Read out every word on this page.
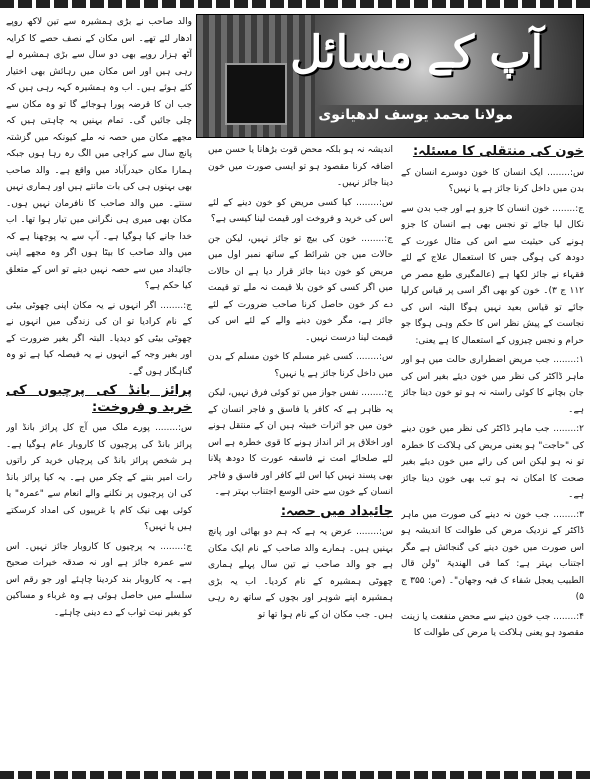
آپ کے مسائل
مولانا محمد یوسف لدھیانوی
خون کی منتقلی کا مسئلہ:

س:........ ایک انسان کا خون دوسرے انسان کے بدن میں داخل کرنا جائز ہے یا نہیں؟

ج:........ خون انسان کا جزو ہے اور جب بدن سے نکال لیا جائے تو نجس بھی ہے انسان کا جزو ہونے کی حیثیت سے اس کی مثال عورت کے دودھ کی ہوگی جس کا استعمال علاج کے لئے فقہاء نے جائز لکھا ہے (عالمگیری طبع مصر ص ۱۱۲ ج ۳)۔ خون کو بھی اگر اسی پر قیاس کرلیا جائے تو قیاس بعید نہیں ہوگا البتہ اس کی نجاست کے پیش نظر اس کا حکم وہی ہوگا جو حرام و نجس چیزوں کے استعمال کا ہے یعنی:

۱:........ جب مریض اضطراری حالت میں ہو اور ماہر ڈاکٹر کی نظر میں خون دیئے بغیر اس کی جان بچانے کا کوئی راستہ نہ ہو تو خون دینا جائز ہے۔

۲:........ جب ماہر ڈاکٹر کی نظر میں خون دینے کی "حاجت" ہو یعنی مریض کی ہلاکت کا خطرہ تو نہ ہو لیکن اس کی رائے میں خون دیئے بغیر صحت کا امکان نہ ہو تب بھی خون دینا جائز ہے۔

۳:........ جب خون نہ دینے کی صورت میں ماہر ڈاکٹر کے نزدیک مرض کی طوالت کا اندیشہ ہو اس صورت میں خون دینے کی گنجائش ہے مگر اجتناب بہتر ہے: کما فی الھندیۃ "ولن قال الطبیب یعجل شفاء ک فیہ وجھان"۔ (ص: ۳۵۵ ج ۵)

۴:........ جب خون دینے سے محض منفعت یا زینت مقصود ہو یعنی ہلاکت یا مرض کی طوالت کا

اندیشہ نہ ہو بلکہ محض قوت بڑھانا یا حسن میں اضافہ کرنا مقصود ہو تو ایسی صورت میں خون دینا جائز نہیں۔

س:........ کیا کسی مریض کو خون دینے کے لئے اس کی خرید و فروخت اور قیمت لینا کیسی ہے؟

ج:........ خون کی بیچ تو جائز نہیں، لیکن جن حالات میں جن شرائط کے ساتھ نمبر اول میں مریض کو خون دینا جائز قرار دیا ہے ان حالات میں اگر کسی کو خون بلا قیمت نہ ملے تو قیمت دے کر خون حاصل کرنا صاحب ضرورت کے لئے جائز ہے، مگر خون دینے والے کے لئے اس کی قیمت لینا درست نہیں۔

س:........ کسی غیر مسلم کا خون مسلم کے بدن میں داخل کرنا جائز ہے یا نہیں؟

ج:........ نفس جواز میں تو کوئی فرق نہیں، لیکن یہ ظاہر ہے کہ کافر یا فاسق و فاجر انسان کے خون میں جو اثرات خبیثہ ہیں ان کے منتقل ہونے اور اخلاق پر اثر انداز ہونے کا قوی خطرہ ہے اس لئے صلحائے امت نے فاسقہ عورت کا دودھ پلانا بھی پسند نہیں کیا اس لئے کافر اور فاسق و فاجر انسان کے خون سے حتی الوسع اجتناب بہتر ہے۔

جائیداد میں حصہ:

س:........ عرض یہ ہے کہ ہم دو بھائی اور پانچ بہنیں ہیں۔ ہمارے والد صاحب کے نام ایک مکان ہے جو والد صاحب نے تین سال پہلے ہماری چھوٹی ہمشیرہ کے نام کردیا۔ اب یہ بڑی ہمشیرہ اپنے شوہر اور بچوں کے ساتھ رہ رہی ہیں۔ جب مکان ان کے نام ہوا تھا تو

والد صاحب نے بڑی ہمشیرہ سے تین لاکھ روپے ادھار لئے تھے۔ اس مکان کے نصف حصے کا کرایہ آٹھ ہزار روپے بھی دو سال سے بڑی ہمشیرہ لے رہی ہیں اور اس مکان میں رہائش بھی اختیار کئے ہوئے ہیں۔ اب وہ ہمشیرہ کہہ رہی ہیں کہ جب ان کا قرضہ پورا ہوجائے گا تو وہ مکان سے چلی جائیں گی۔ تمام بہنیں یہ چاہتی ہیں کہ مجھے مکان میں حصہ نہ ملے کیونکہ میں گزشتہ پانچ سال سے کراچی میں الگ رہ رہا ہوں جبکہ ہمارا مکان حیدرآباد میں واقع ہے۔ والد صاحب بھی بہنوں ہی کی بات مانتے ہیں اور ہماری نہیں سنتے۔ میں والد صاحب کا نافرمان نہیں ہوں۔ مکان بھی میری ہی نگرانی میں تیار ہوا تھا۔ اب خدا جانے کیا ہوگیا ہے۔ آپ سے یہ پوچھنا ہے کہ میں والد صاحب کا بیٹا ہوں اگر وہ مجھے اپنی جائیداد میں سے حصہ نہیں دیتے تو اس کے متعلق کیا حکم ہے؟

ج:........ اگر انہوں نے یہ مکان اپنی چھوٹی بیٹی کے نام کرادیا تو ان کی زندگی میں انہوں نے چھوٹی بیٹی کو دیدیا۔ البتہ اگر بغیر ضرورت کے اور بغیر وجہ کے انہوں نے یہ فیصلہ کیا ہے تو وہ گناہگار ہوں گے۔

پرائز بانڈ کی پرچیوں کی خرید و فروخت:

س:........ پورے ملک میں آج کل پرائز بانڈ اور پرائز بانڈ کی پرچیوں کا کاروبار عام ہوگیا ہے۔ ہر شخص پرائز بانڈ کی پرچیاں خرید کر راتوں رات امیر بننے کے چکر میں ہے۔ یہ کیا پرائز بانڈ کی ان پرچیوں پر نکلنے والے انعام سے "عمرہ" یا کوئی بھی نیک کام یا غریبوں کی امداد کرسکتے ہیں یا نہیں؟

ج:........ یہ پرچیوں کا کاروبار جائز نہیں۔ اس سے عمرہ جائز ہے اور نہ صدقہ خیرات صحیح ہے۔ یہ کاروبار بند کردینا چاہئے اور جو رقم اس سلسلے میں حاصل ہوئی ہے وہ غرباء و مساکین کو بغیر نیت ثواب کے دے دینی چاہئے۔
